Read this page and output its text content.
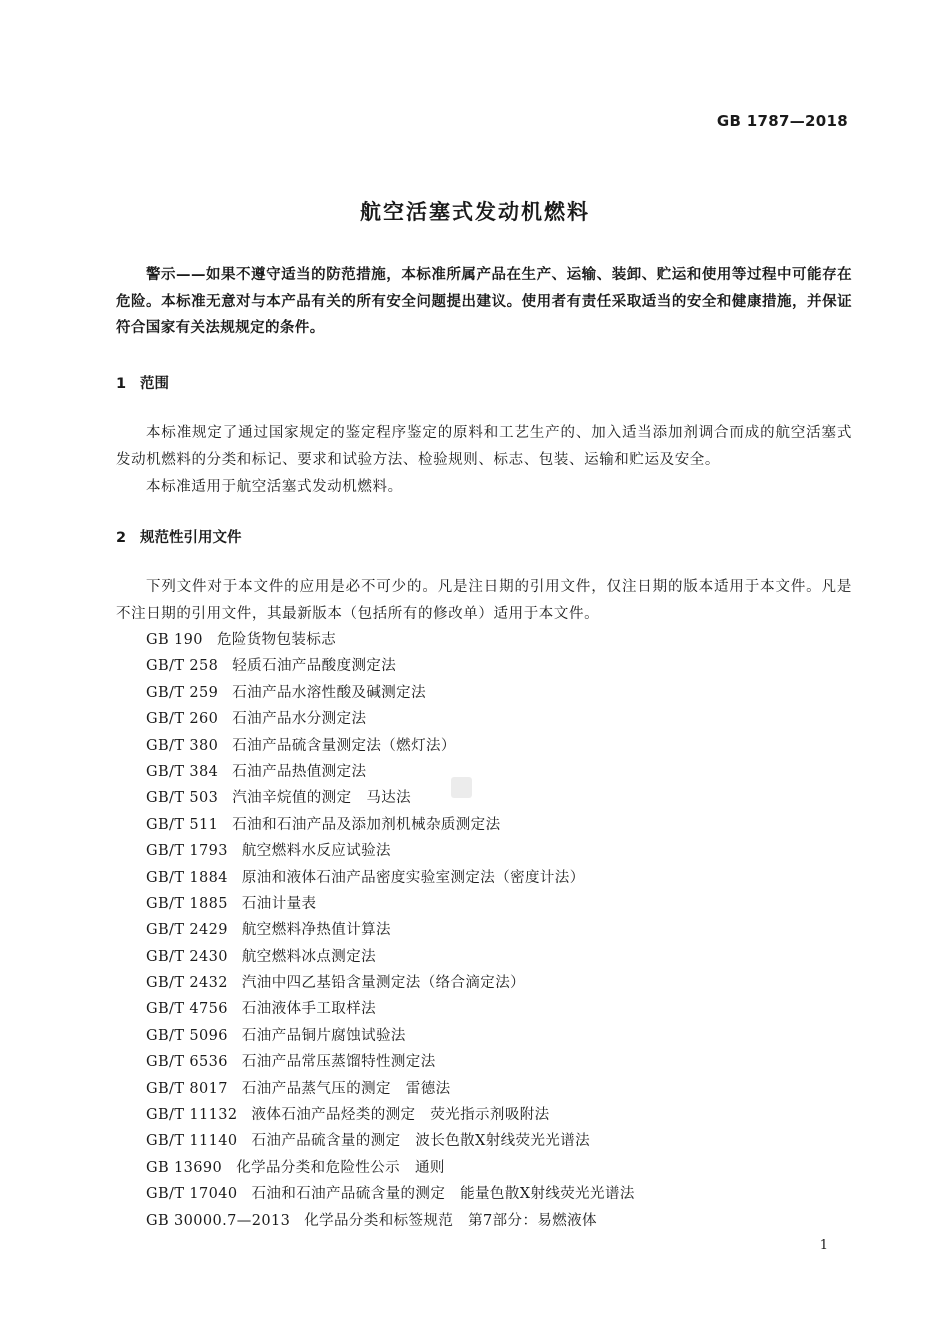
GB 1787—2018
航空活塞式发动机燃料
警示——如果不遵守适当的防范措施，本标准所属产品在生产、运输、装卸、贮运和使用等过程中可能存在危险。本标准无意对与本产品有关的所有安全问题提出建议。使用者有责任采取适当的安全和健康措施，并保证符合国家有关法规规定的条件。
1 范围
本标准规定了通过国家规定的鉴定程序鉴定的原料和工艺生产的、加入适当添加剂调合而成的航空活塞式发动机燃料的分类和标记、要求和试验方法、检验规则、标志、包装、运输和贮运及安全。
本标准适用于航空活塞式发动机燃料。
2 规范性引用文件
下列文件对于本文件的应用是必不可少的。凡是注日期的引用文件，仅注日期的版本适用于本文件。凡是不注日期的引用文件，其最新版本（包括所有的修改单）适用于本文件。
GB 190 危险货物包装标志
GB/T 258 轻质石油产品酸度测定法
GB/T 259 石油产品水溶性酸及碱测定法
GB/T 260 石油产品水分测定法
GB/T 380 石油产品硫含量测定法（燃灯法）
GB/T 384 石油产品热值测定法
GB/T 503 汽油辛烷值的测定　马达法
GB/T 511 石油和石油产品及添加剂机械杂质测定法
GB/T 1793 航空燃料水反应试验法
GB/T 1884 原油和液体石油产品密度实验室测定法（密度计法）
GB/T 1885 石油计量表
GB/T 2429 航空燃料净热值计算法
GB/T 2430 航空燃料冰点测定法
GB/T 2432 汽油中四乙基铅含量测定法（络合滴定法）
GB/T 4756 石油液体手工取样法
GB/T 5096 石油产品铜片腐蚀试验法
GB/T 6536 石油产品常压蒸馏特性测定法
GB/T 8017 石油产品蒸气压的测定　雷德法
GB/T 11132 液体石油产品烃类的测定　荧光指示剂吸附法
GB/T 11140 石油产品硫含量的测定　波长色散X射线荧光光谱法
GB 13690 化学品分类和危险性公示　通则
GB/T 17040 石油和石油产品硫含量的测定　能量色散X射线荧光光谱法
GB 30000.7—2013 化学品分类和标签规范　第7部分：易燃液体
1
